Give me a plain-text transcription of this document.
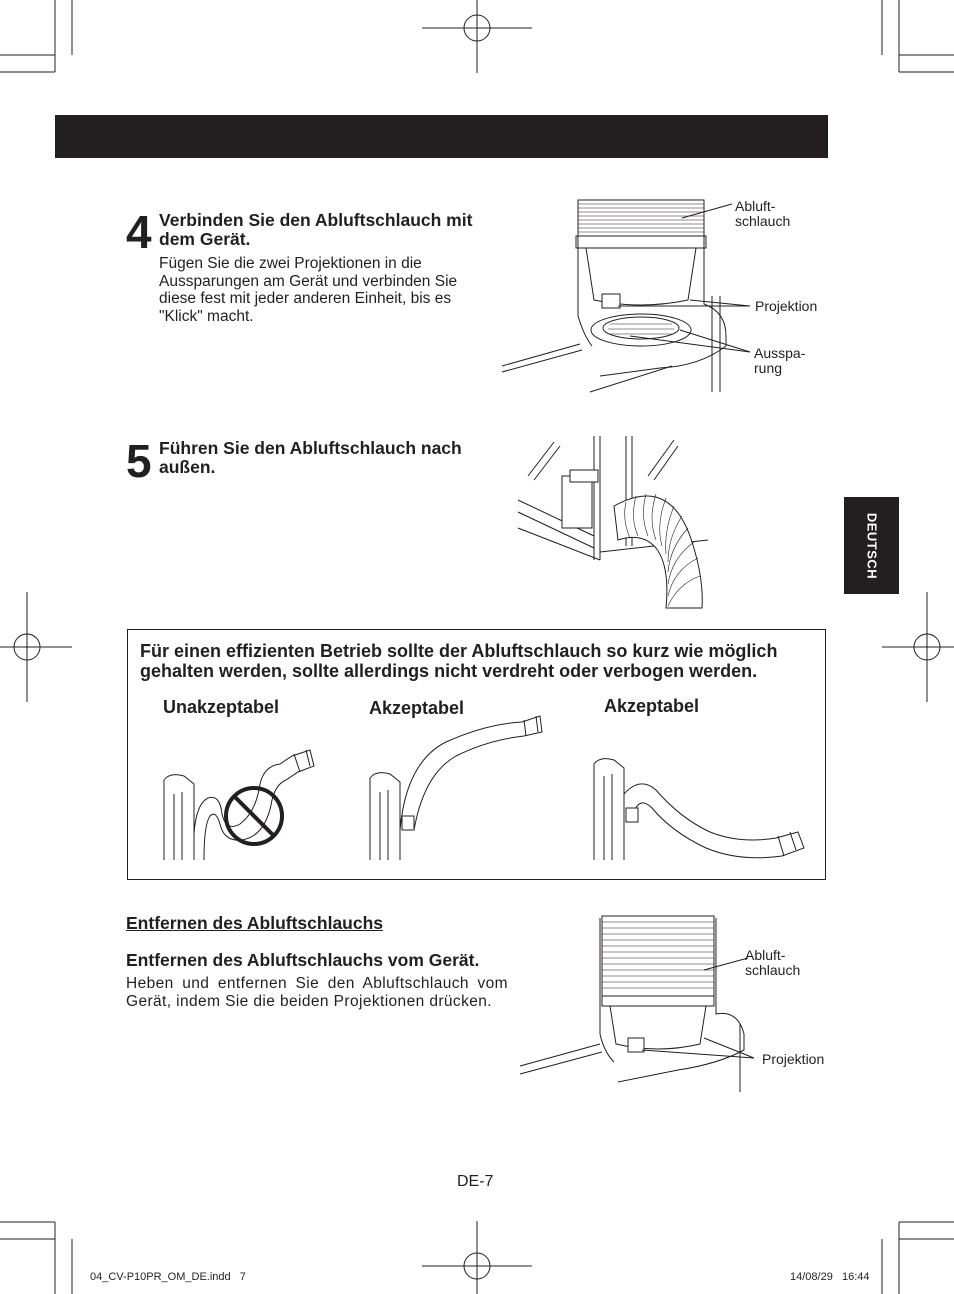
4 Verbinden Sie den Abluftschlauch mit dem Gerät.
Fügen Sie die zwei Projektionen in die Aussparungen am Gerät und verbinden Sie diese fest mit jeder anderen Einheit, bis es "Klick" macht.
Abluft-
schlauch
Projektion
Ausspa-
rung
5 Führen Sie den Abluftschlauch nach außen.
DEUTSCH
Für einen effizienten Betrieb sollte der Abluftschlauch so kurz wie möglich gehalten werden, sollte allerdings nicht verdreht oder verbogen werden.
Unakzeptabel	Akzeptabel	Akzeptabel
Entfernen des Abluftschlauchs
Entfernen des Abluftschlauchs vom Gerät.
Heben und entfernen Sie den Abluftschlauch vom Gerät, indem Sie die beiden Projektionen drücken.
Abluft-
schlauch
Projektion
DE-7
04_CV-P10PR_OM_DE.indd   7	14/08/29   16:44
